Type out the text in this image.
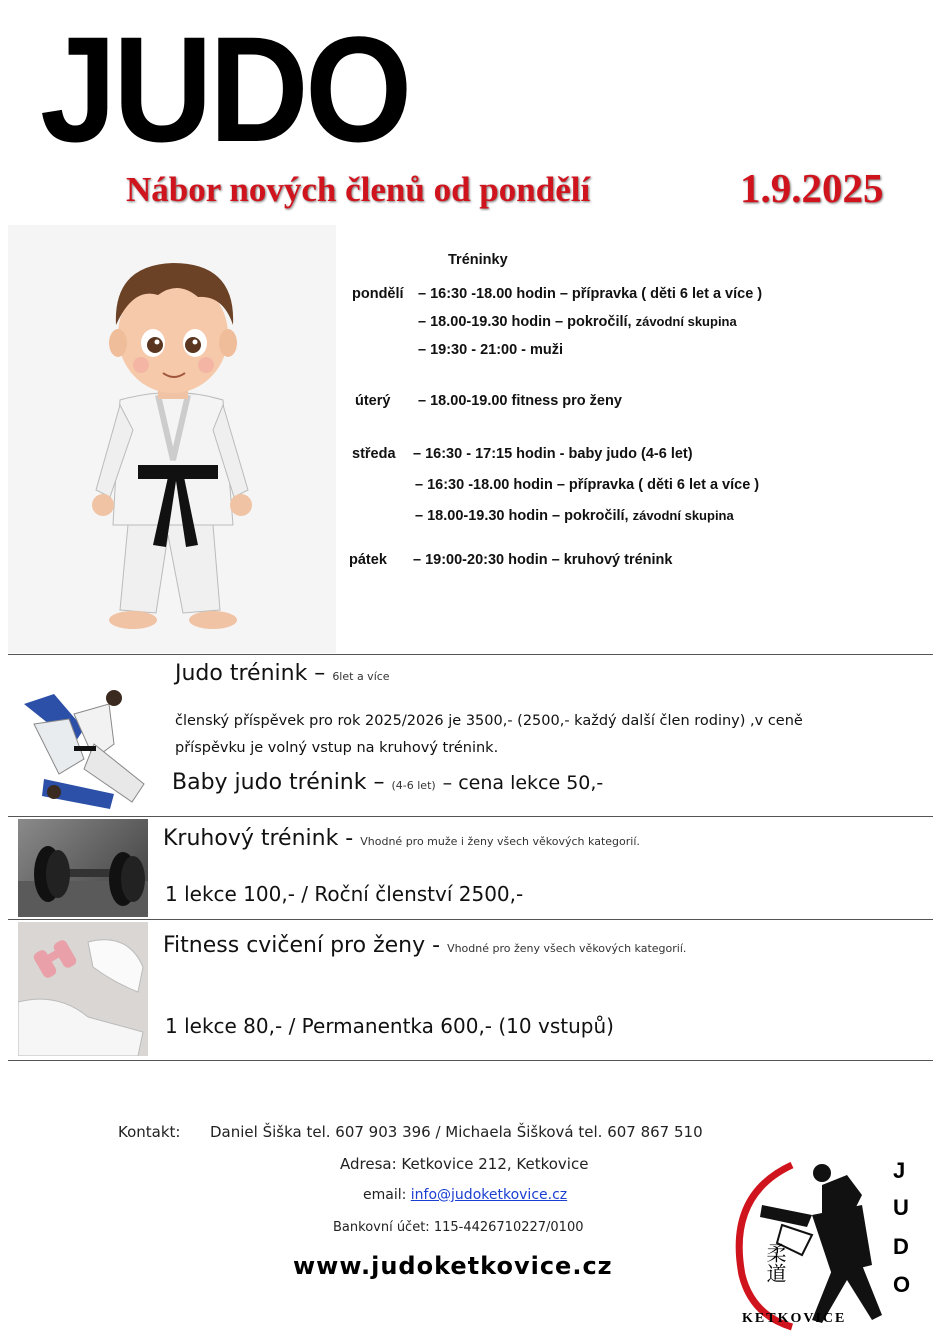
JUDO
Nábor nových členů od pondělí	1.9.2025
Tréninky
pondělí – 16:30 -18.00 hodin – přípravka ( děti 6 let a více )
– 18.00-19.30 hodin – pokročilí, závodní skupina
– 19:30 - 21:00 - muži
úterý – 18.00-19.00 fitness pro ženy
středa – 16:30 - 17:15 hodin - baby judo (4-6 let)
– 16:30 -18.00 hodin – přípravka ( děti 6 let a více )
– 18.00-19.30 hodin – pokročilí, závodní skupina
pátek – 19:00-20:30 hodin – kruhový trénink
Judo trénink – 6let a více
členský příspěvek pro rok 2025/2026 je 3500,- (2500,- každý další člen rodiny) ,v ceně
příspěvku je volný vstup na kruhový trénink.
Baby judo trénink – (4-6 let) – cena lekce 50,-
Kruhový trénink - Vhodné pro muže i ženy všech věkových kategorií.
1 lekce 100,- / Roční členství 2500,-
Fitness cvičení pro ženy - Vhodné pro ženy všech věkových kategorií.
1 lekce 80,- / Permanentka 600,- (10 vstupů)
Kontakt: Daniel Šiška tel. 607 903 396 / Michaela Šišková tel. 607 867 510
Adresa: Ketkovice 212, Ketkovice
email: info@judoketkovice.cz
Bankovní účet: 115-4426710227/0100
www.judoketkovice.cz	柔道
KETKOVICE
J
U
D
O
